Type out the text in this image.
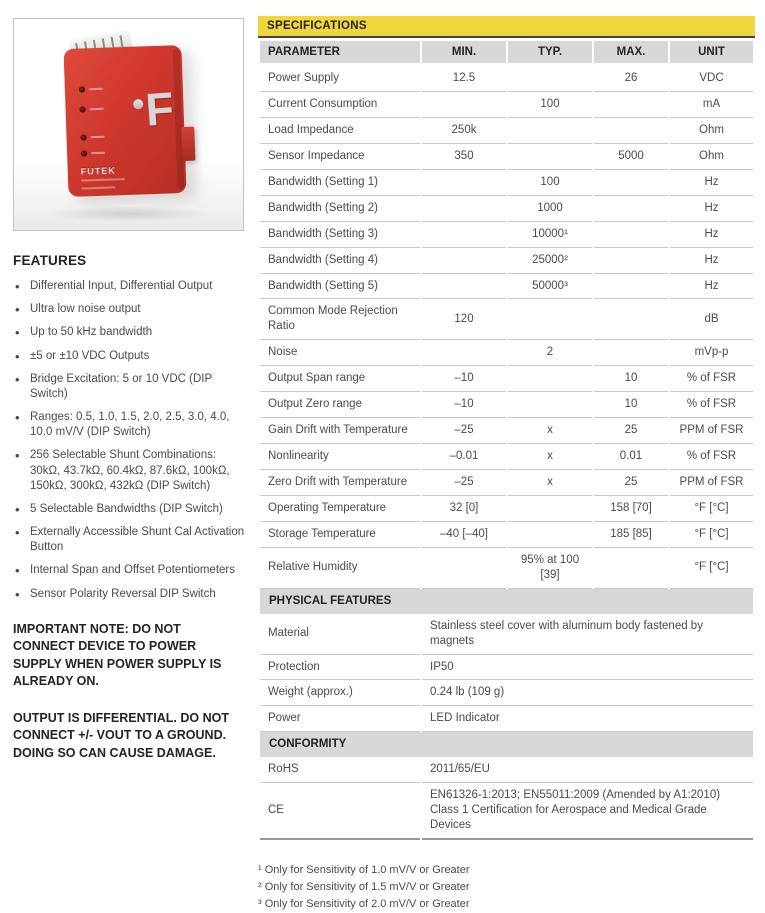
F
FUTEK
FEATURES
• Differential Input, Differential Output
• Ultra low noise output
• Up to 50 kHz bandwidth
• ±5 or ±10 VDC Outputs
• Bridge Excitation: 5 or 10 VDC (DIP Switch)
• Ranges: 0.5, 1.0, 1.5, 2.0, 2.5, 3.0, 4.0, 10.0 mV/V (DIP Switch)
• 256 Selectable Shunt Combinations: 30kΩ, 43.7kΩ, 60.4kΩ, 87.6kΩ, 100kΩ, 150kΩ, 300kΩ, 432kΩ (DIP Switch)
• 5 Selectable Bandwidths (DIP Switch)
• Externally Accessible Shunt Cal Activation Button
• Internal Span and Offset Potentiometers
• Sensor Polarity Reversal DIP Switch
IMPORTANT NOTE: DO NOT CONNECT DEVICE TO POWER SUPPLY WHEN POWER SUPPLY IS ALREADY ON.
OUTPUT IS DIFFERENTIAL. DO NOT CONNECT +/- VOUT TO A GROUND. DOING SO CAN CAUSE DAMAGE.
SPECIFICATIONS
PARAMETER	MIN.	TYP.	MAX.	UNIT
Power Supply	12.5		26	VDC
Current Consumption		100		mA
Load Impedance	250k			Ohm
Sensor Impedance	350		5000	Ohm
Bandwidth (Setting 1)		100		Hz
Bandwidth (Setting 2)		1000		Hz
Bandwidth (Setting 3)		10000¹		Hz
Bandwidth (Setting 4)		25000²		Hz
Bandwidth (Setting 5)		50000³		Hz
Common Mode Rejection Ratio	120			dB
Noise		2		mVp-p
Output Span range	–10		10	% of FSR
Output Zero range	–10		10	% of FSR
Gain Drift with Temperature	–25	x	25	PPM of FSR
Nonlinearity	–0.01	x	0.01	% of FSR
Zero Drift with Temperature	–25	x	25	PPM of FSR
Operating Temperature	32 [0]		158 [70]	°F [°C]
Storage Temperature	–40 [–40]		185 [85]	°F [°C]
Relative Humidity		95% at 100 [39]		°F [°C]
PHYSICAL FEATURES				
Material	Stainless steel cover with aluminum body fastened by magnets			
Protection	IP50			
Weight (approx.)	0.24 lb (109 g)			
Power	LED Indicator			
CONFORMITY				
RoHS	2011/65/EU			
CE	EN61326-1:2013; EN55011:2009 (Amended by A1:2010)
Class 1 Certification for Aerospace and Medical Grade Devices			
¹ Only for Sensitivity of 1.0 mV/V or Greater
² Only for Sensitivity of 1.5 mV/V or Greater
³ Only for Sensitivity of 2.0 mV/V or Greater
